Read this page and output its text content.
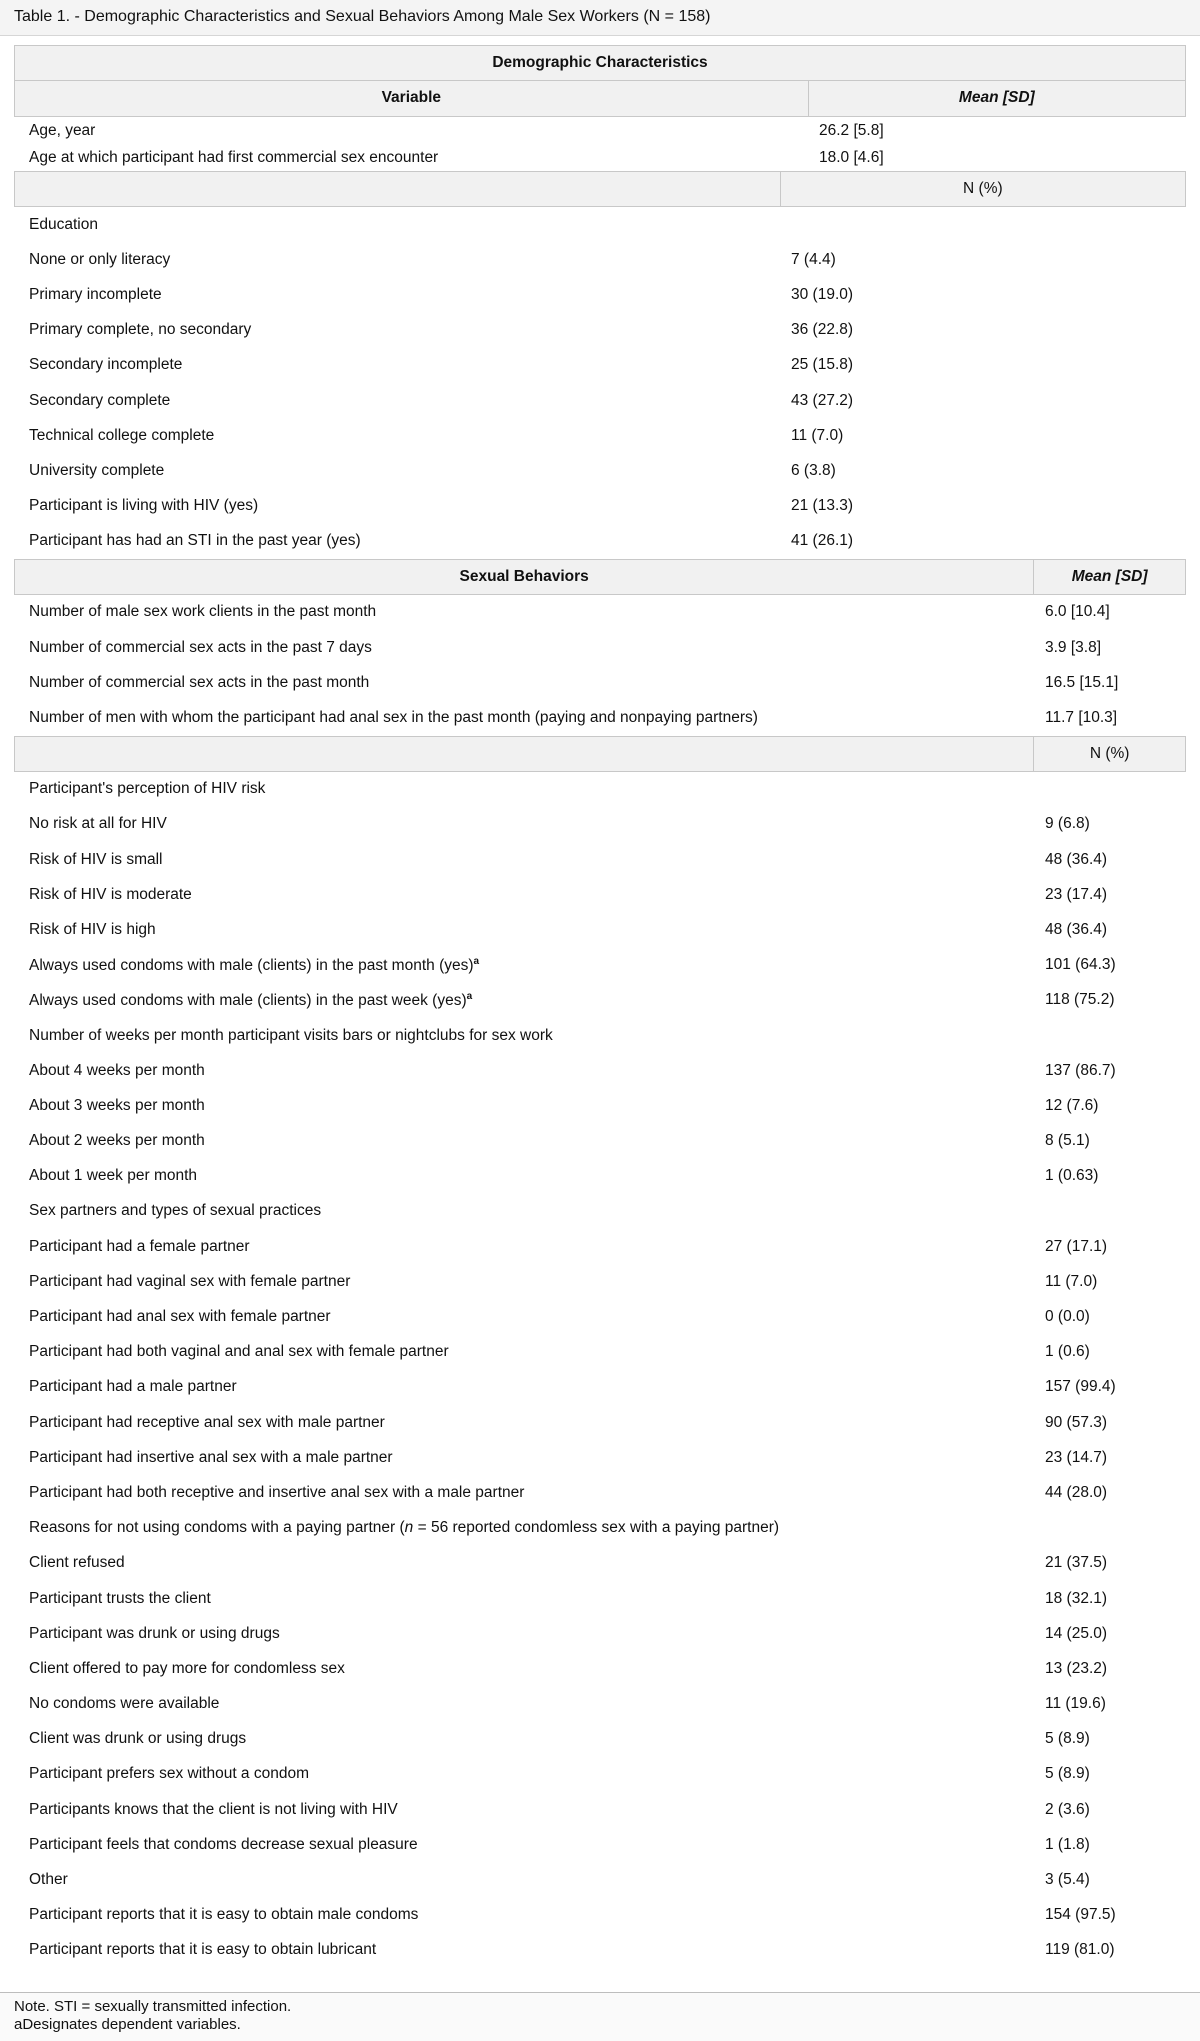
Table 1. - Demographic Characteristics and Sexual Behaviors Among Male Sex Workers (N = 158)
Demographic Characteristics
Variable	Mean [SD]
Age, year	26.2 [5.8]
Age at which participant had first commercial sex encounter	18.0 [4.6]
N (%)
Education
None or only literacy	7 (4.4)
Primary incomplete	30 (19.0)
Primary complete, no secondary	36 (22.8)
Secondary incomplete	25 (15.8)
Secondary complete	43 (27.2)
Technical college complete	11 (7.0)
University complete	6 (3.8)
Participant is living with HIV (yes)	21 (13.3)
Participant has had an STI in the past year (yes)	41 (26.1)
Sexual Behaviors	Mean [SD]
Number of male sex work clients in the past month	6.0 [10.4]
Number of commercial sex acts in the past 7 days	3.9 [3.8]
Number of commercial sex acts in the past month	16.5 [15.1]
Number of men with whom the participant had anal sex in the past month (paying and nonpaying partners)	11.7 [10.3]
N (%)
Participant's perception of HIV risk
No risk at all for HIV	9 (6.8)
Risk of HIV is small	48 (36.4)
Risk of HIV is moderate	23 (17.4)
Risk of HIV is high	48 (36.4)
Always used condoms with male (clients) in the past month (yes)$^a$	101 (64.3)
Always used condoms with male (clients) in the past week (yes)$^a$	118 (75.2)
Number of weeks per month participant visits bars or nightclubs for sex work
About 4 weeks per month	137 (86.7)
About 3 weeks per month	12 (7.6)
About 2 weeks per month	8 (5.1)
About 1 week per month	1 (0.63)
Sex partners and types of sexual practices
Participant had a female partner	27 (17.1)
Participant had vaginal sex with female partner	11 (7.0)
Participant had anal sex with female partner	0 (0.0)
Participant had both vaginal and anal sex with female partner	1 (0.6)
Participant had a male partner	157 (99.4)
Participant had receptive anal sex with male partner	90 (57.3)
Participant had insertive anal sex with a male partner	23 (14.7)
Participant had both receptive and insertive anal sex with a male partner	44 (28.0)
Reasons for not using condoms with a paying partner (n = 56 reported condomless sex with a paying partner)
Client refused	21 (37.5)
Participant trusts the client	18 (32.1)
Participant was drunk or using drugs	14 (25.0)
Client offered to pay more for condomless sex	13 (23.2)
No condoms were available	11 (19.6)
Client was drunk or using drugs	5 (8.9)
Participant prefers sex without a condom	5 (8.9)
Participants knows that the client is not living with HIV	2 (3.6)
Participant feels that condoms decrease sexual pleasure	1 (1.8)
Other	3 (5.4)
Participant reports that it is easy to obtain male condoms	154 (97.5)
Participant reports that it is easy to obtain lubricant	119 (81.0)
Note. STI = sexually transmitted infection.
aDesignates dependent variables.
